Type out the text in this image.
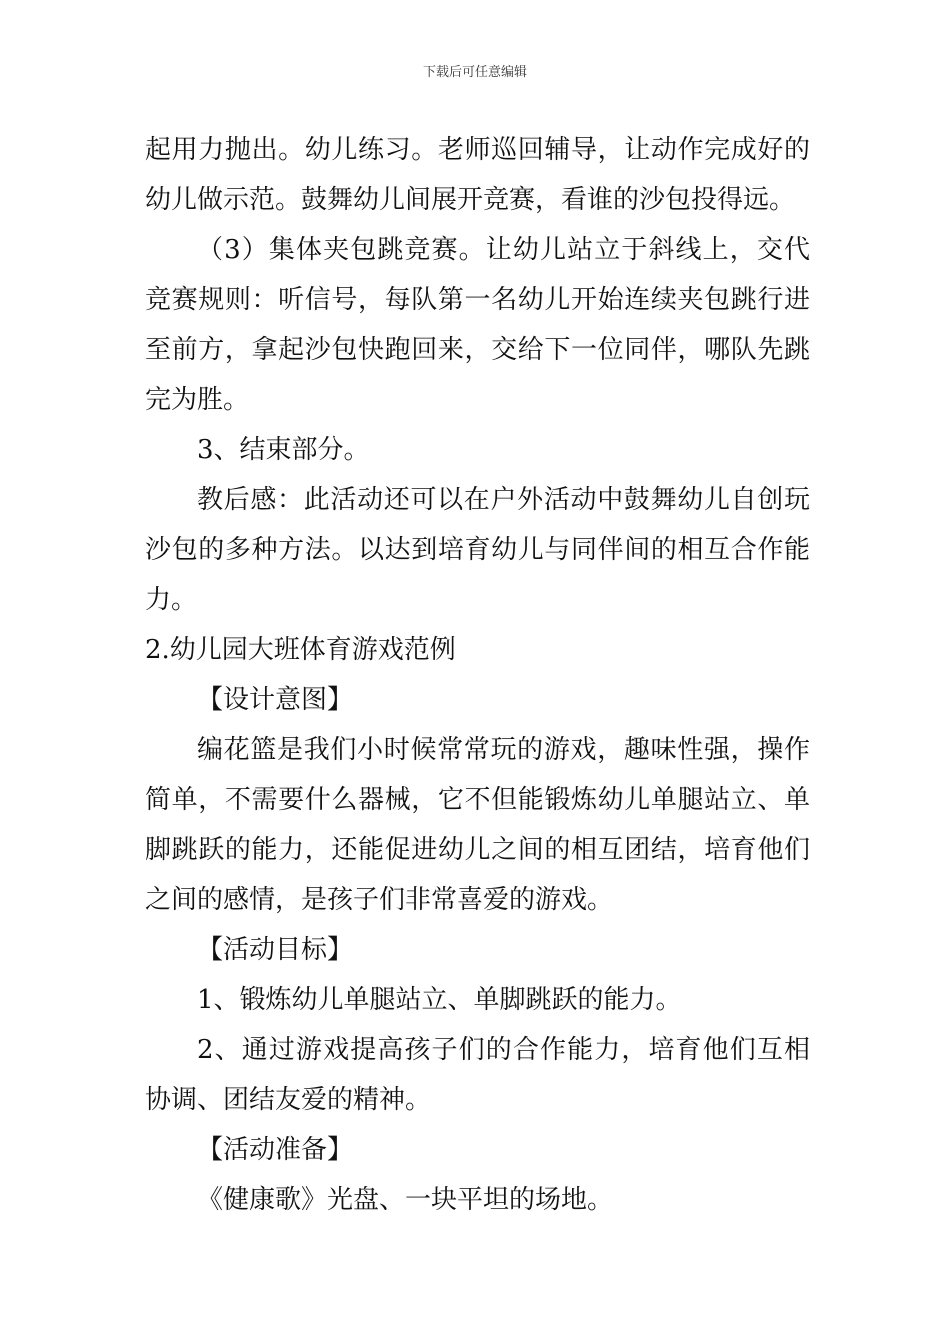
下载后可任意编辑

起用力抛出。幼儿练习。老师巡回辅导，让动作完成好的幼儿做示范。鼓舞幼儿间展开竞赛，看谁的沙包投得远。

（3）集体夹包跳竞赛。让幼儿站立于斜线上，交代竞赛规则：听信号，每队第一名幼儿开始连续夹包跳行进至前方，拿起沙包快跑回来，交给下一位同伴，哪队先跳完为胜。

3、结束部分。

教后感：此活动还可以在户外活动中鼓舞幼儿自创玩沙包的多种方法。以达到培育幼儿与同伴间的相互合作能力。

2.幼儿园大班体育游戏范例

【设计意图】

编花篮是我们小时候常常玩的游戏，趣味性强，操作简单，不需要什么器械，它不但能锻炼幼儿单腿站立、单脚跳跃的能力，还能促进幼儿之间的相互团结，培育他们之间的感情，是孩子们非常喜爱的游戏。

【活动目标】

1、锻炼幼儿单腿站立、单脚跳跃的能力。

2、通过游戏提高孩子们的合作能力，培育他们互相协调、团结友爱的精神。

【活动准备】

《健康歌》光盘、一块平坦的场地。
